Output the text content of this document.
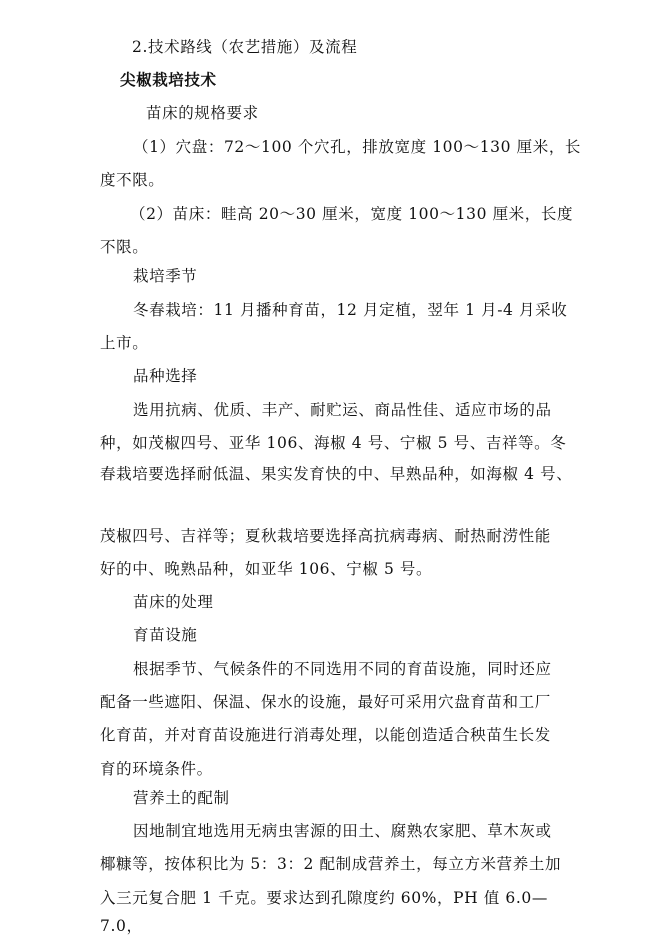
2.技术路线（农艺措施）及流程
尖椒栽培技术
苗床的规格要求
（1）穴盘：72～100 个穴孔，排放宽度 100～130 厘米，长
度不限。
（2）苗床：畦高 20～30 厘米，宽度 100～130 厘米，长度
不限。
栽培季节
冬春栽培：11 月播种育苗，12 月定植，翌年 1 月-4 月采收
上市。
品种选择
选用抗病、优质、丰产、耐贮运、商品性佳、适应市场的品
种，如茂椒四号、亚华 106、海椒 4 号、宁椒 5 号、吉祥等。冬
春栽培要选择耐低温、果实发育快的中、早熟品种，如海椒 4 号、
茂椒四号、吉祥等；夏秋栽培要选择高抗病毒病、耐热耐涝性能
好的中、晚熟品种，如亚华 106、宁椒 5 号。
苗床的处理
育苗设施
根据季节、气候条件的不同选用不同的育苗设施，同时还应
配备一些遮阳、保温、保水的设施，最好可采用穴盘育苗和工厂
化育苗，并对育苗设施进行消毒处理，以能创造适合秧苗生长发
育的环境条件。
营养土的配制
因地制宜地选用无病虫害源的田土、腐熟农家肥、草木灰或
椰糠等，按体积比为 5：3：2 配制成营养土，每立方米营养土加
入三元复合肥 1 千克。要求达到孔隙度约 60%，PH 值 6.0—
7.0，
